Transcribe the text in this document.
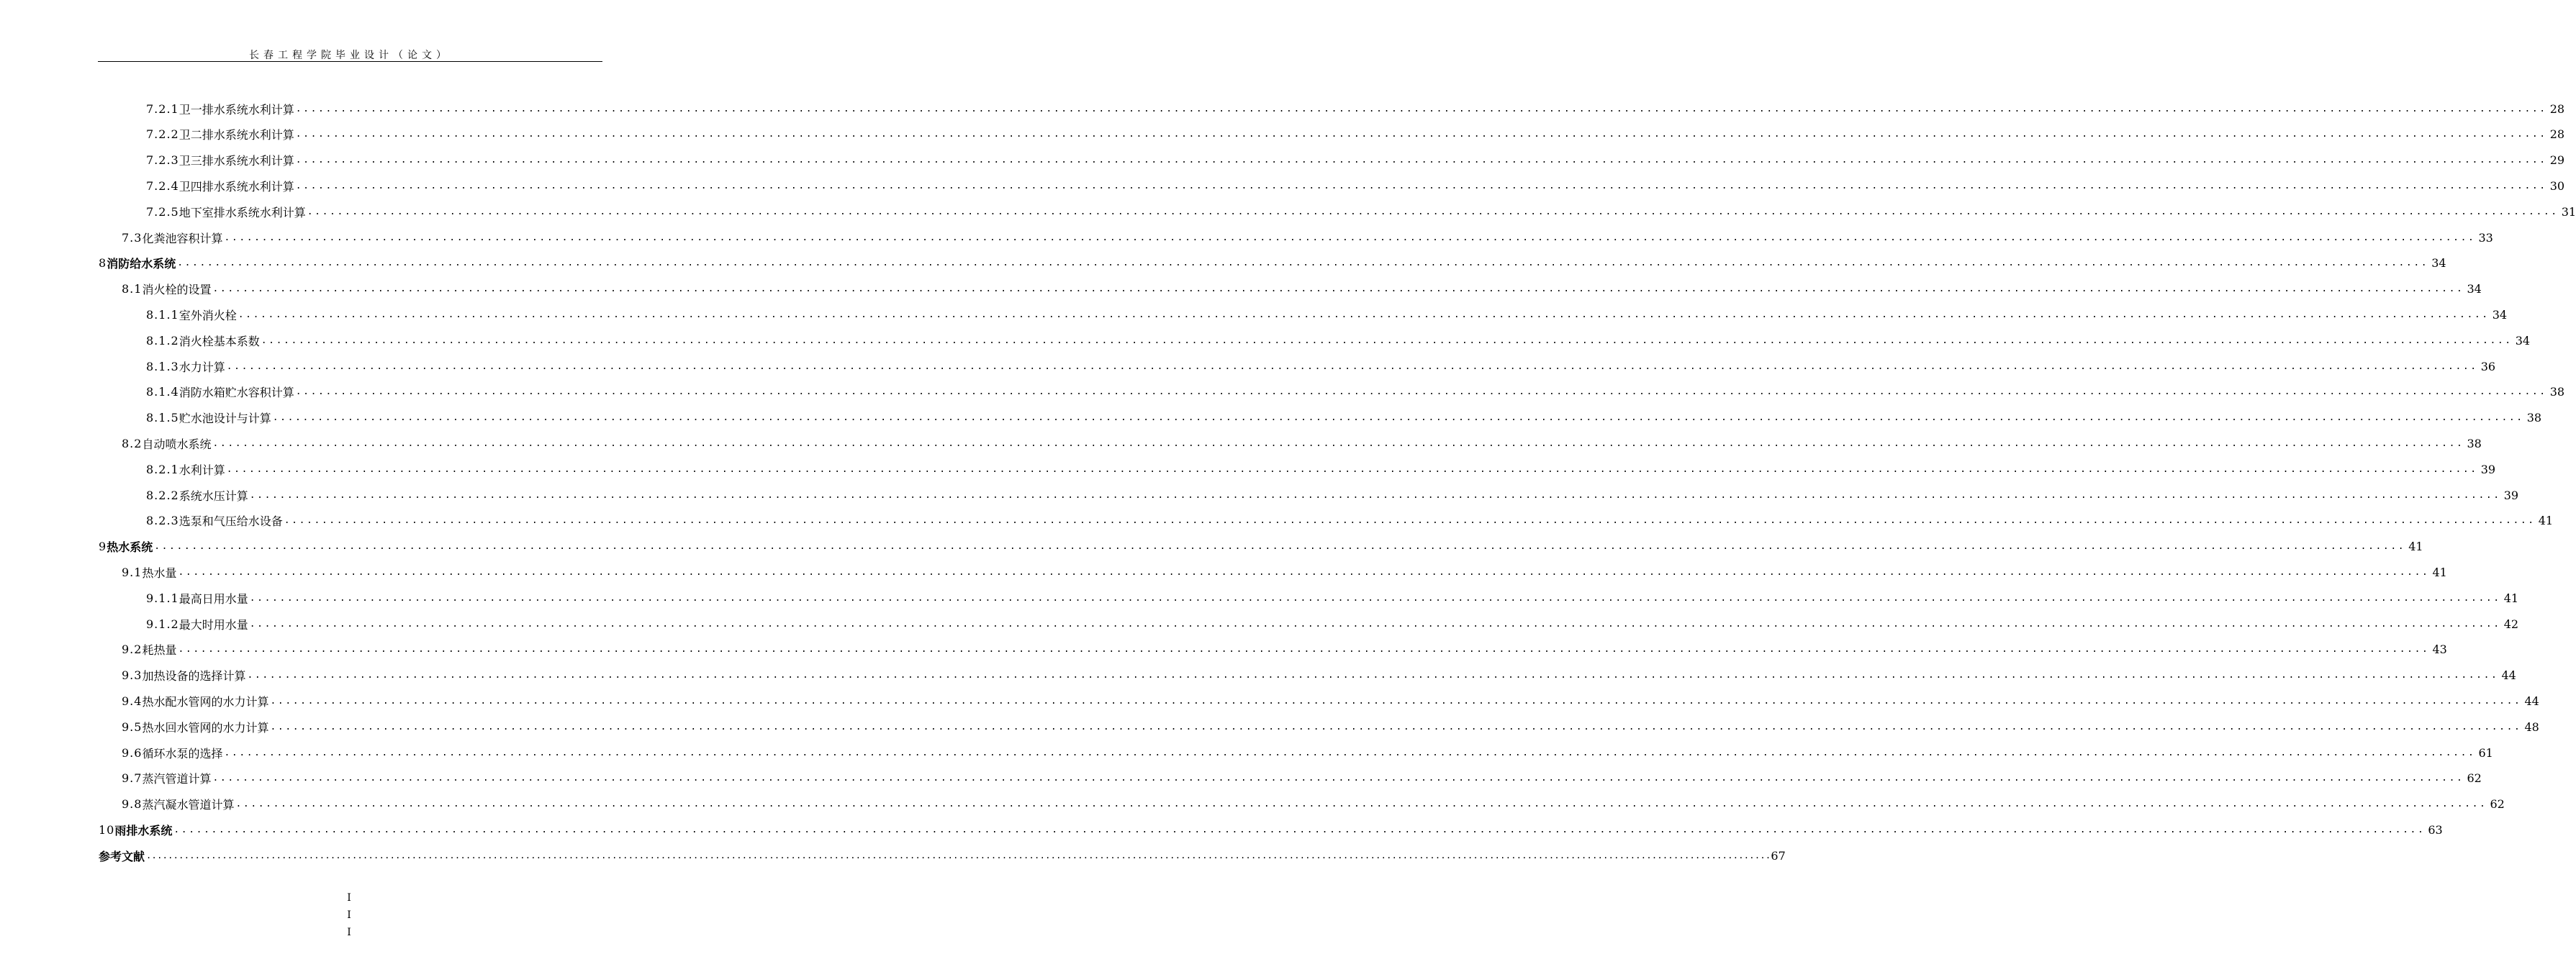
长春工程学院毕业设计（论文）
7.2.1 卫一排水系统水利计算 ............................................................................................................................................................................................................................................................................................................ 28
7.2.2 卫二排水系统水利计算 ............................................................................................................................................................................................................................................................................................................ 28
7.2.3 卫三排水系统水利计算 ............................................................................................................................................................................................................................................................................................................ 29
7.2.4 卫四排水系统水利计算 ............................................................................................................................................................................................................................................................................................................ 30
7.2.5 地下室排水系统水利计算 ............................................................................................................................................................................................................................................................................................................ 31
7.3 化粪池容积计算 ............................................................................................................................................................................................................................................................................................................ 33
8 消防给水系统 ............................................................................................................................................................................................................................................................................................................ 34
8.1 消火栓的设置 ............................................................................................................................................................................................................................................................................................................ 34
8.1.1 室外消火栓 ............................................................................................................................................................................................................................................................................................................ 34
8.1.2 消火栓基本系数 ............................................................................................................................................................................................................................................................................................................ 34
8.1.3 水力计算 ............................................................................................................................................................................................................................................................................................................ 36
8.1.4 消防水箱贮水容积计算 ............................................................................................................................................................................................................................................................................................................ 38
8.1.5 贮水池设计与计算 ............................................................................................................................................................................................................................................................................................................ 38
8.2 自动喷水系统 ............................................................................................................................................................................................................................................................................................................ 38
8.2.1 水利计算 ............................................................................................................................................................................................................................................................................................................ 39
8.2.2 系统水压计算 ............................................................................................................................................................................................................................................................................................................ 39
8.2.3 选泵和气压给水设备 ............................................................................................................................................................................................................................................................................................................ 41
9 热水系统 ............................................................................................................................................................................................................................................................................................................ 41
9.1 热水量 ............................................................................................................................................................................................................................................................................................................ 41
9.1.1 最高日用水量 ............................................................................................................................................................................................................................................................................................................ 41
9.1.2 最大时用水量 ............................................................................................................................................................................................................................................................................................................ 42
9.2 耗热量 ............................................................................................................................................................................................................................................................................................................ 43
9.3 加热设备的选择计算 ............................................................................................................................................................................................................................................................................................................ 44
9.4 热水配水管网的水力计算 ............................................................................................................................................................................................................................................................................................................ 44
9.5 热水回水管网的水力计算 ............................................................................................................................................................................................................................................................................................................ 48
9.6 循环水泵的选择 ............................................................................................................................................................................................................................................................................................................ 61
9.7 蒸汽管道计算 ............................................................................................................................................................................................................................................................................................................ 62
9.8 蒸汽凝水管道计算 ............................................................................................................................................................................................................................................................................................................ 62
10 雨排水系统 ............................................................................................................................................................................................................................................................................................................ 63
参考文献 ............................................................................................................................................................................................................................................................................................................ 67
I
I
I
